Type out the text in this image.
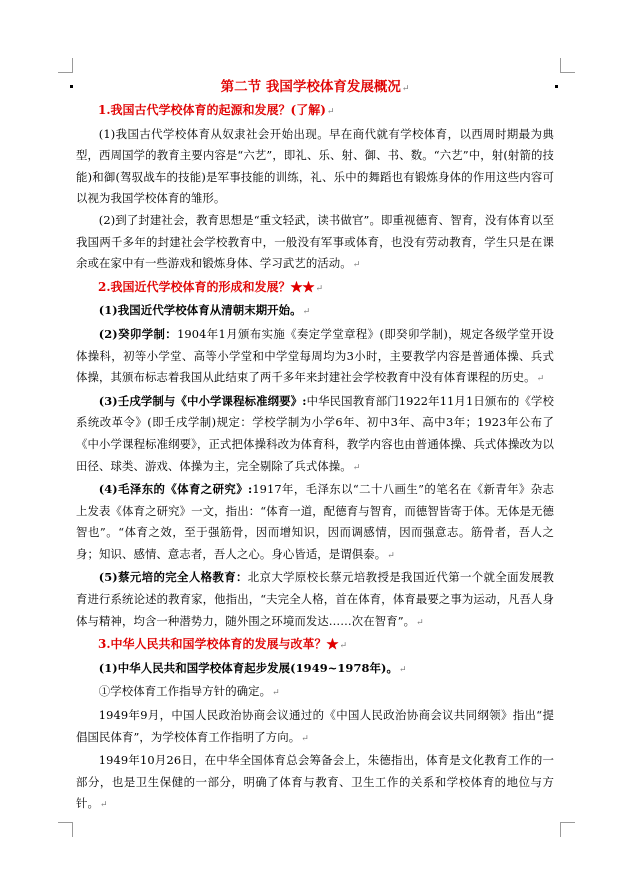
第二节 我国学校体育发展概况↵
1.我国古代学校体育的起源和发展？(了解)↵

(1)我国古代学校体育从奴隶社会开始出现。早在商代就有学校体育，以西周时期最为典型，西周国学的教育主要内容是“六艺”，即礼、乐、射、御、书、数。“六艺”中，射(射箭的技能)和御(驾驭战车的技能)是军事技能的训练，礼、乐中的舞蹈也有锻炼身体的作用这些内容可以视为我国学校体育的雏形。

(2)到了封建社会，教育思想是“重文轻武，读书做官”。即重视德育、智育，没有体育以至我国两千多年的封建社会学校教育中，一般没有军事或体育，也没有劳动教育，学生只是在课余或在家中有一些游戏和锻炼身体、学习武艺的活动。↵

2.我国近代学校体育的形成和发展？★★↵

(1)我国近代学校体育从清朝末期开始。↵

(2)癸卯学制：1904年1月颁布实施《奏定学堂章程》(即癸卯学制)，规定各级学堂开设体操科，初等小学堂、高等小学堂和中学堂每周均为3小时，主要教学内容是普通体操、兵式体操，其颁布标志着我国从此结束了两千多年来封建社会学校教育中没有体育课程的历史。↵

(3)壬戌学制与《中小学课程标准纲要》:中华民国教育部门1922年11月1日颁布的《学校系统改革令》(即壬戌学制)规定：学校学制为小学6年、初中3年、高中3年；1923年公布了《中小学课程标准纲要》，正式把体操科改为体育科，教学内容也由普通体操、兵式体操改为以田径、球类、游戏、体操为主，完全剔除了兵式体操。↵

(4)毛泽东的《体育之研究》:1917年，毛泽东以“二十八画生”的笔名在《新青年》杂志上发表《体育之研究》一文，指出：“体育一道，配德育与智育，而德智皆寄于体。无体是无德智也”。“体育之效，至于强筋骨，因而增知识，因而调感情，因而强意志。筋骨者，吾人之身；知识、感情、意志者，吾人之心。身心皆适，是谓俱泰。↵

(5)蔡元培的完全人格教育：北京大学原校长蔡元培教授是我国近代第一个就全面发展教育进行系统论述的教育家，他指出，“夫完全人格，首在体育，体育最要之事为运动，凡吾人身体与精神，均含一种潜势力，随外围之环境而发达……次在智育”。↵

3.中华人民共和国学校体育的发展与改革？★↵

(1)中华人民共和国学校体育起步发展(1949~1978年)。↵

①学校体育工作指导方针的确定。↵

1949年9月，中国人民政治协商会议通过的《中国人民政治协商会议共同纲领》指出“提倡国民体育”，为学校体育工作指明了方向。↵

1949年10月26日，在中华全国体育总会筹备会上，朱德指出，体育是文化教育工作的一部分，也是卫生保健的一部分，明确了体育与教育、卫生工作的关系和学校体育的地位与方针。↵
